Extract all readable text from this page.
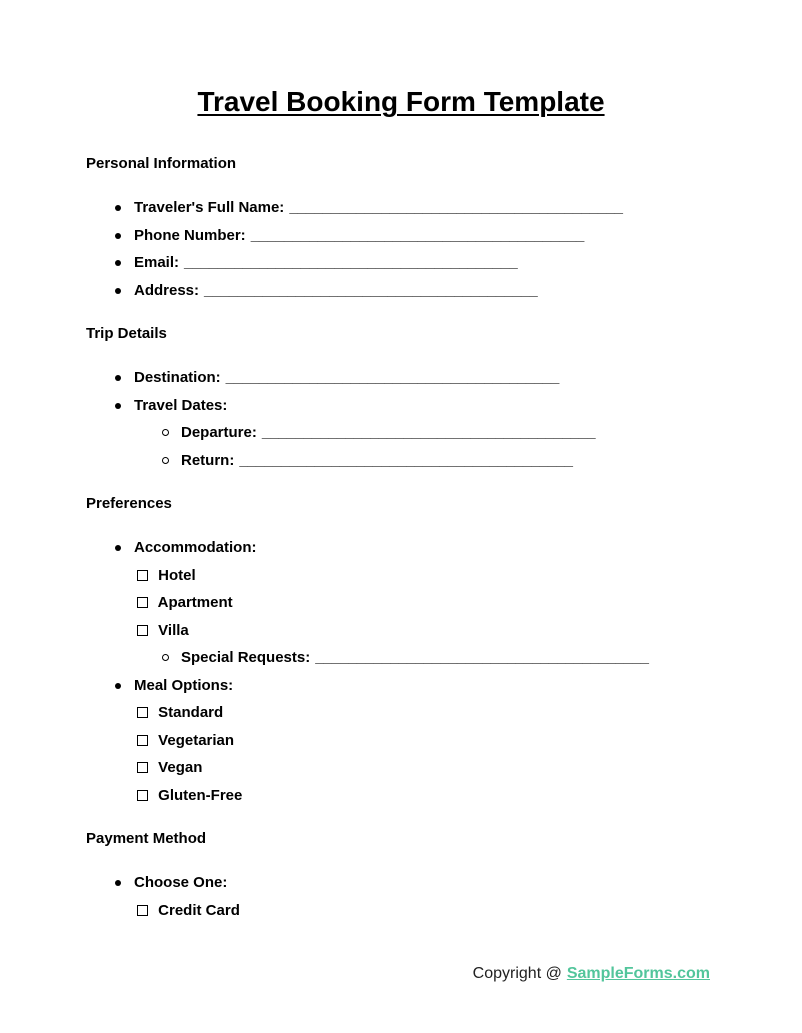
Travel Booking Form Template
Personal Information
Traveler's Full Name: ________________________________________
Phone Number: ________________________________________
Email: ________________________________________
Address: ________________________________________
Trip Details
Destination: ________________________________________
Travel Dates:
Departure: ________________________________________
Return: ________________________________________
Preferences
Accommodation:
Hotel
Apartment
Villa
Special Requests: ________________________________________
Meal Options:
Standard
Vegetarian
Vegan
Gluten-Free
Payment Method
Choose One:
Credit Card
Copyright @ SampleForms.com
